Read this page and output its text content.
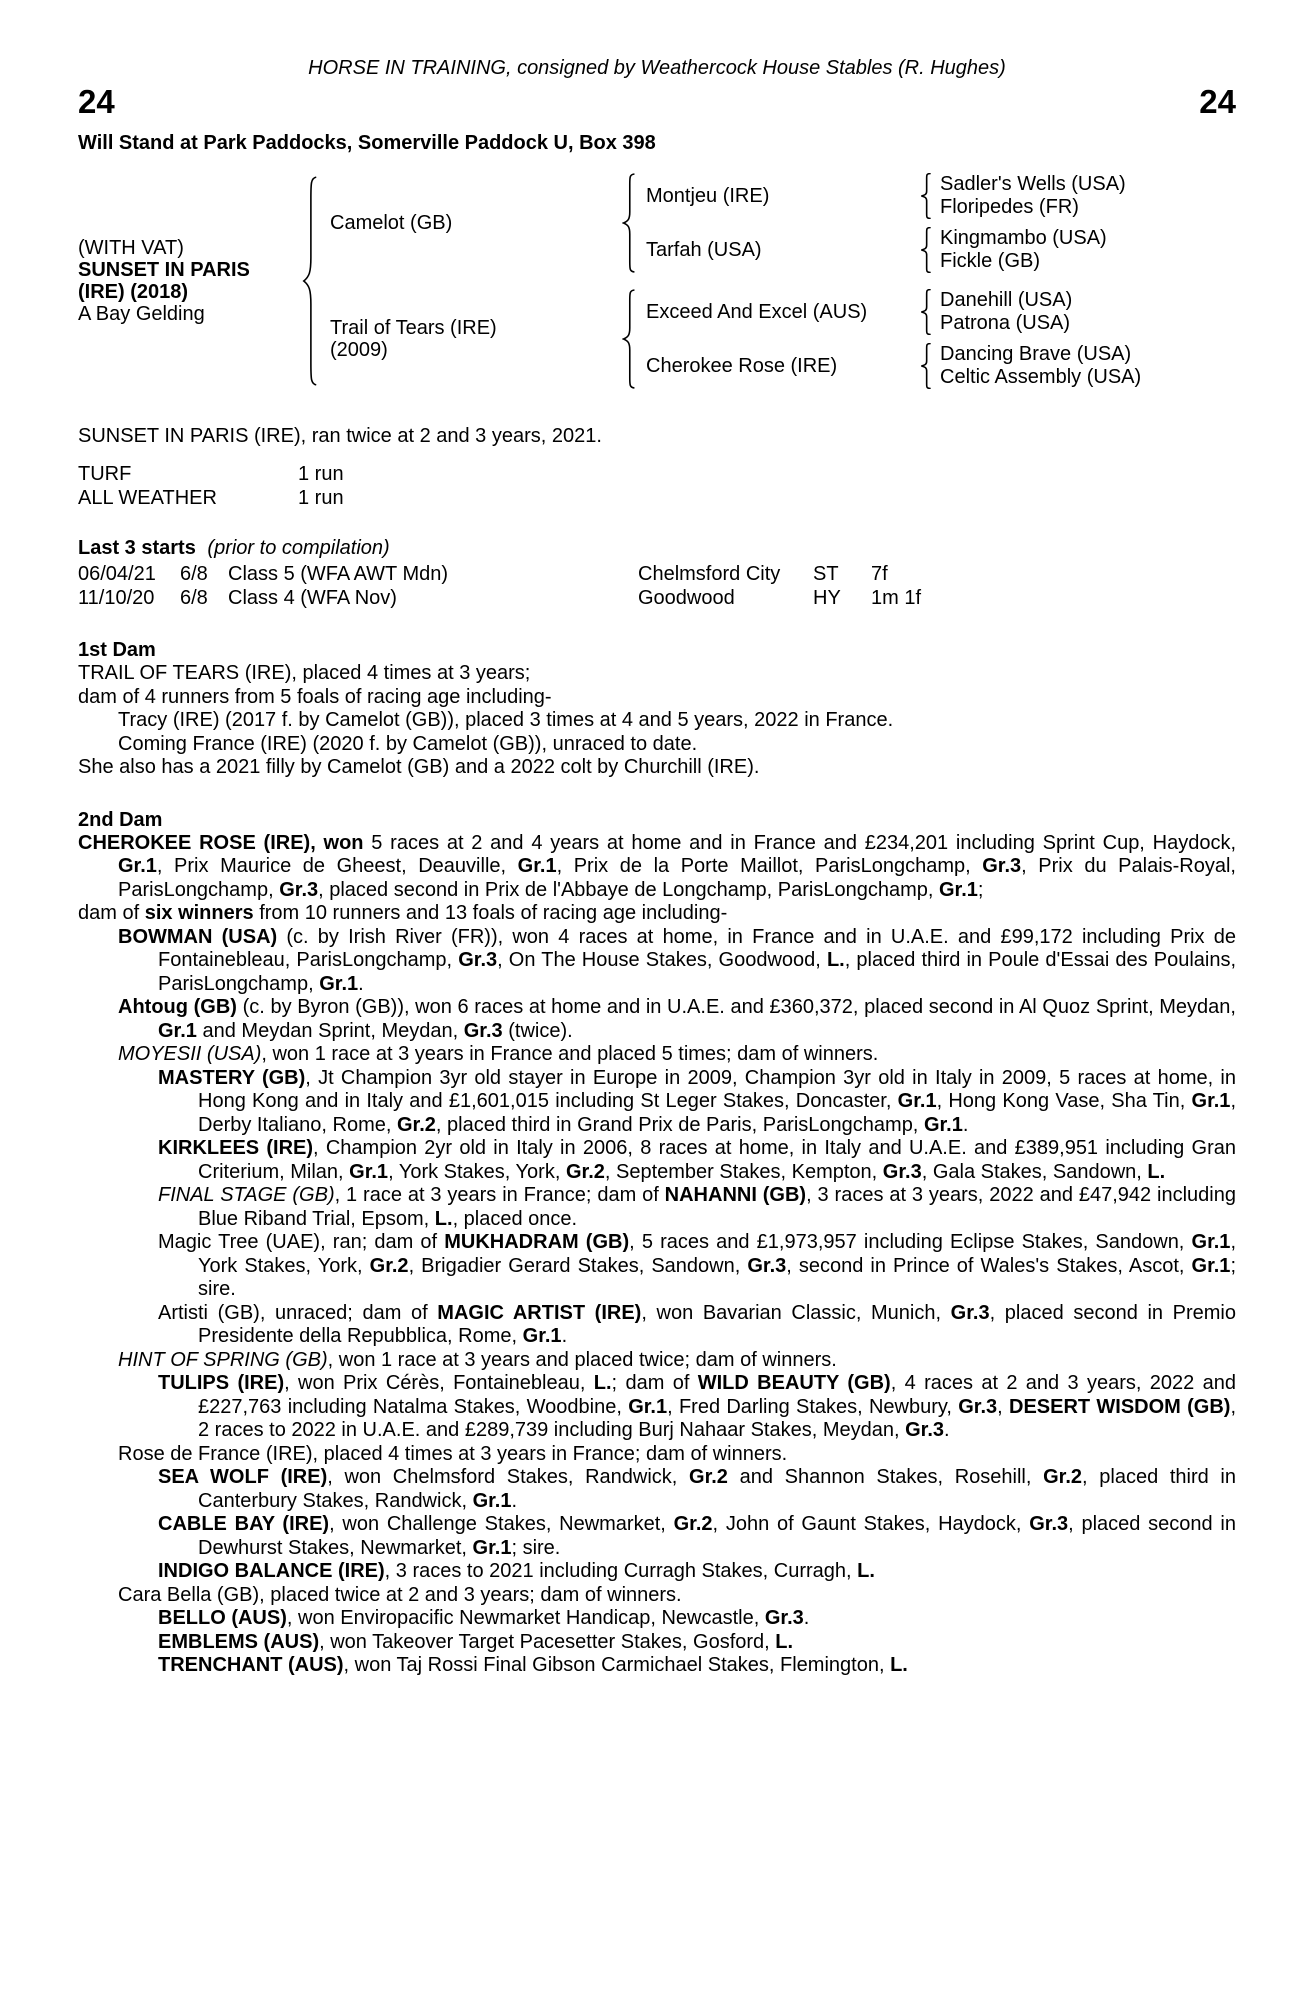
HORSE IN TRAINING, consigned by Weathercock House Stables (R. Hughes)
24	24
Will Stand at Park Paddocks, Somerville Paddock U, Box 398
(WITH VAT)
SUNSET IN PARIS
(IRE) (2018)
A Bay Gelding
Camelot (GB)
Montjeu (IRE)
Sadler's Wells (USA)
Floripedes (FR)
Tarfah (USA)
Kingmambo (USA)
Fickle (GB)
Trail of Tears (IRE)
(2009)
Exceed And Excel (AUS)
Danehill (USA)
Patrona (USA)
Cherokee Rose (IRE)
Dancing Brave (USA)
Celtic Assembly (USA)
SUNSET IN PARIS (IRE), ran twice at 2 and 3 years, 2021.
TURF	1 run
ALL WEATHER	1 run
Last 3 starts (prior to compilation)
06/04/21	6/8	Class 5 (WFA AWT Mdn)	Chelmsford City	ST	7f
11/10/20	6/8	Class 4 (WFA Nov)	Goodwood	HY	1m 1f
1st Dam

TRAIL OF TEARS (IRE), placed 4 times at 3 years;

dam of 4 runners from 5 foals of racing age including-

Tracy (IRE) (2017 f. by Camelot (GB)), placed 3 times at 4 and 5 years, 2022 in France.

Coming France (IRE) (2020 f. by Camelot (GB)), unraced to date.

She also has a 2021 filly by Camelot (GB) and a 2022 colt by Churchill (IRE).

2nd Dam

CHEROKEE ROSE (IRE), won 5 races at 2 and 4 years at home and in France and £234,201 including Sprint Cup, Haydock, Gr.1, Prix Maurice de Gheest, Deauville, Gr.1, Prix de la Porte Maillot, ParisLongchamp, Gr.3, Prix du Palais-Royal, ParisLongchamp, Gr.3, placed second in Prix de l'Abbaye de Longchamp, ParisLongchamp, Gr.1;

dam of six winners from 10 runners and 13 foals of racing age including-

BOWMAN (USA) (c. by Irish River (FR)), won 4 races at home, in France and in U.A.E. and £99,172 including Prix de Fontainebleau, ParisLongchamp, Gr.3, On The House Stakes, Goodwood, L., placed third in Poule d'Essai des Poulains, ParisLongchamp, Gr.1.

Ahtoug (GB) (c. by Byron (GB)), won 6 races at home and in U.A.E. and £360,372, placed second in Al Quoz Sprint, Meydan, Gr.1 and Meydan Sprint, Meydan, Gr.3 (twice).

MOYESII (USA), won 1 race at 3 years in France and placed 5 times; dam of winners.

MASTERY (GB), Jt Champion 3yr old stayer in Europe in 2009, Champion 3yr old in Italy in 2009, 5 races at home, in Hong Kong and in Italy and £1,601,015 including St Leger Stakes, Doncaster, Gr.1, Hong Kong Vase, Sha Tin, Gr.1, Derby Italiano, Rome, Gr.2, placed third in Grand Prix de Paris, ParisLongchamp, Gr.1.

KIRKLEES (IRE), Champion 2yr old in Italy in 2006, 8 races at home, in Italy and U.A.E. and £389,951 including Gran Criterium, Milan, Gr.1, York Stakes, York, Gr.2, September Stakes, Kempton, Gr.3, Gala Stakes, Sandown, L.

FINAL STAGE (GB), 1 race at 3 years in France; dam of NAHANNI (GB), 3 races at 3 years, 2022 and £47,942 including Blue Riband Trial, Epsom, L., placed once.

Magic Tree (UAE), ran; dam of MUKHADRAM (GB), 5 races and £1,973,957 including Eclipse Stakes, Sandown, Gr.1, York Stakes, York, Gr.2, Brigadier Gerard Stakes, Sandown, Gr.3, second in Prince of Wales's Stakes, Ascot, Gr.1; sire.

Artisti (GB), unraced; dam of MAGIC ARTIST (IRE), won Bavarian Classic, Munich, Gr.3, placed second in Premio Presidente della Repubblica, Rome, Gr.1.

HINT OF SPRING (GB), won 1 race at 3 years and placed twice; dam of winners.

TULIPS (IRE), won Prix Cérès, Fontainebleau, L.; dam of WILD BEAUTY (GB), 4 races at 2 and 3 years, 2022 and £227,763 including Natalma Stakes, Woodbine, Gr.1, Fred Darling Stakes, Newbury, Gr.3, DESERT WISDOM (GB), 2 races to 2022 in U.A.E. and £289,739 including Burj Nahaar Stakes, Meydan, Gr.3.

Rose de France (IRE), placed 4 times at 3 years in France; dam of winners.

SEA WOLF (IRE), won Chelmsford Stakes, Randwick, Gr.2 and Shannon Stakes, Rosehill, Gr.2, placed third in Canterbury Stakes, Randwick, Gr.1.

CABLE BAY (IRE), won Challenge Stakes, Newmarket, Gr.2, John of Gaunt Stakes, Haydock, Gr.3, placed second in Dewhurst Stakes, Newmarket, Gr.1; sire.

INDIGO BALANCE (IRE), 3 races to 2021 including Curragh Stakes, Curragh, L.

Cara Bella (GB), placed twice at 2 and 3 years; dam of winners.

BELLO (AUS), won Enviropacific Newmarket Handicap, Newcastle, Gr.3.

EMBLEMS (AUS), won Takeover Target Pacesetter Stakes, Gosford, L.

TRENCHANT (AUS), won Taj Rossi Final Gibson Carmichael Stakes, Flemington, L.
